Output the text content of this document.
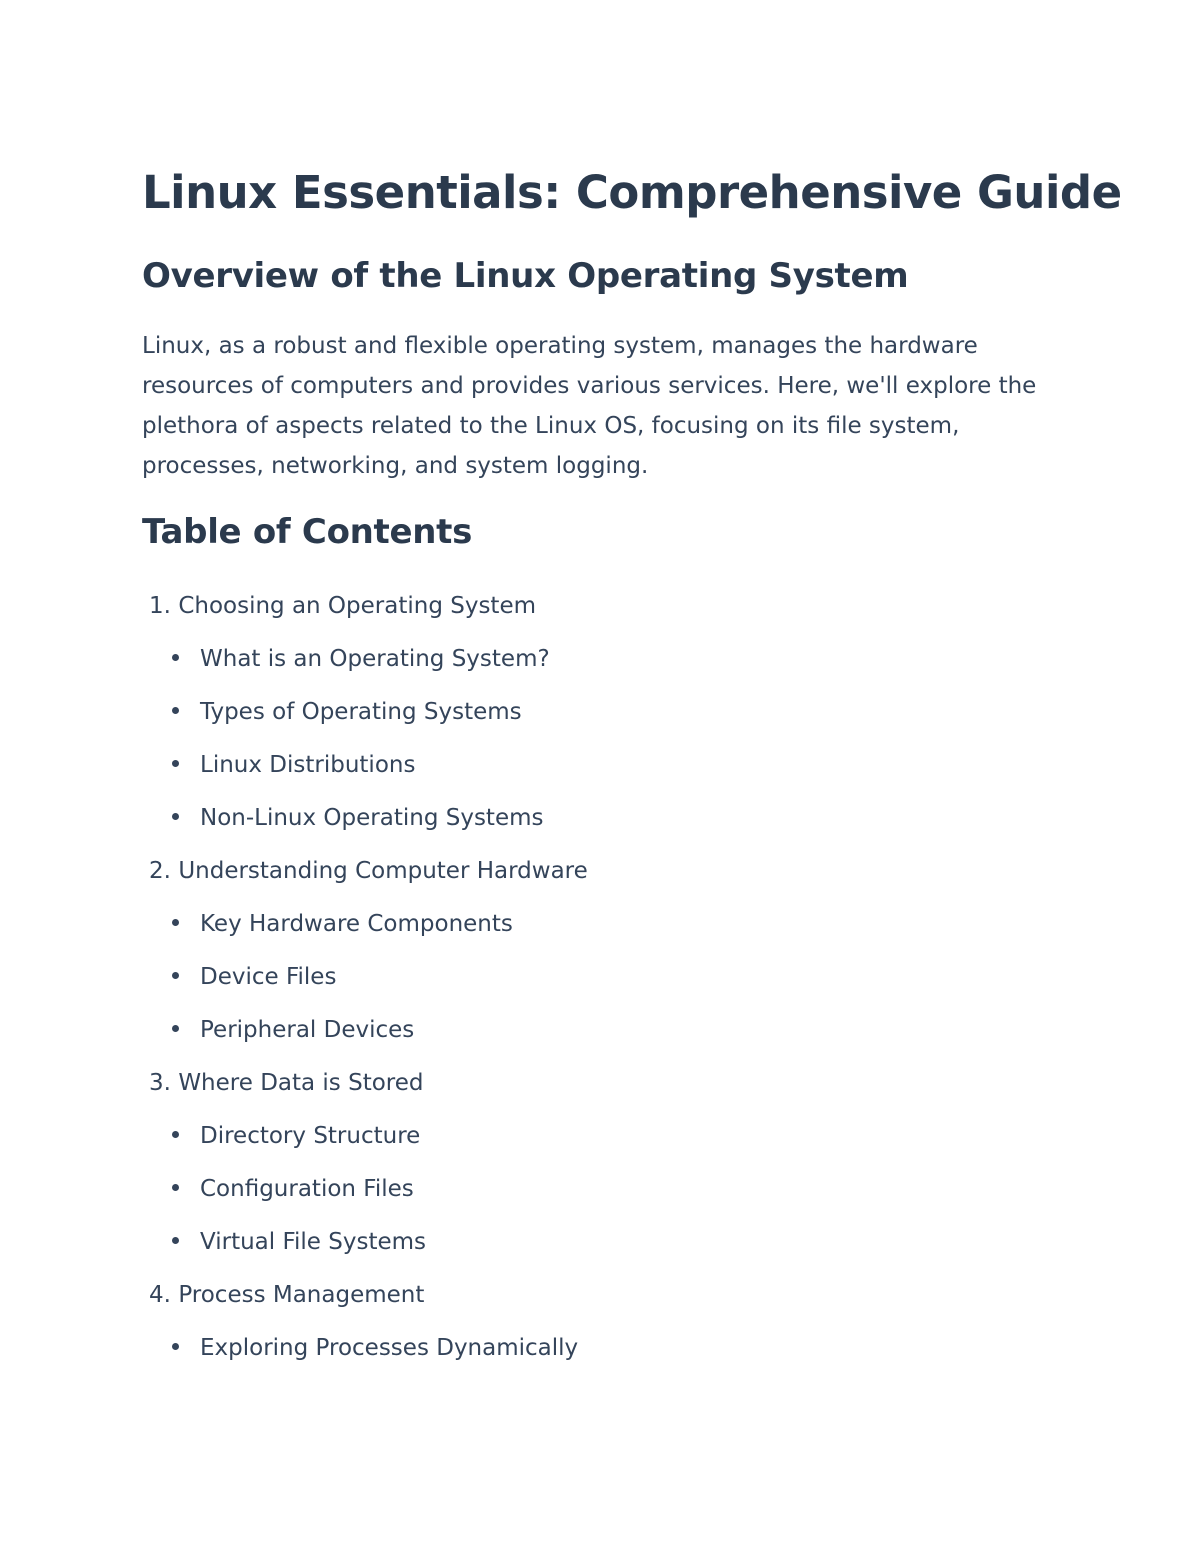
Linux Essentials: Comprehensive Guide
Overview of the Linux Operating System

Linux, as a robust and flexible operating system, manages the hardware resources of computers and provides various services. Here, we'll explore the plethora of aspects related to the Linux OS, focusing on its file system, processes, networking, and system logging.

Table of Contents
1. Choosing an Operating System
What is an Operating System?
Types of Operating Systems
Linux Distributions
Non-Linux Operating Systems
2. Understanding Computer Hardware
Key Hardware Components
Device Files
Peripheral Devices
3. Where Data is Stored
Directory Structure
Configuration Files
Virtual File Systems
4. Process Management
Exploring Processes Dynamically
